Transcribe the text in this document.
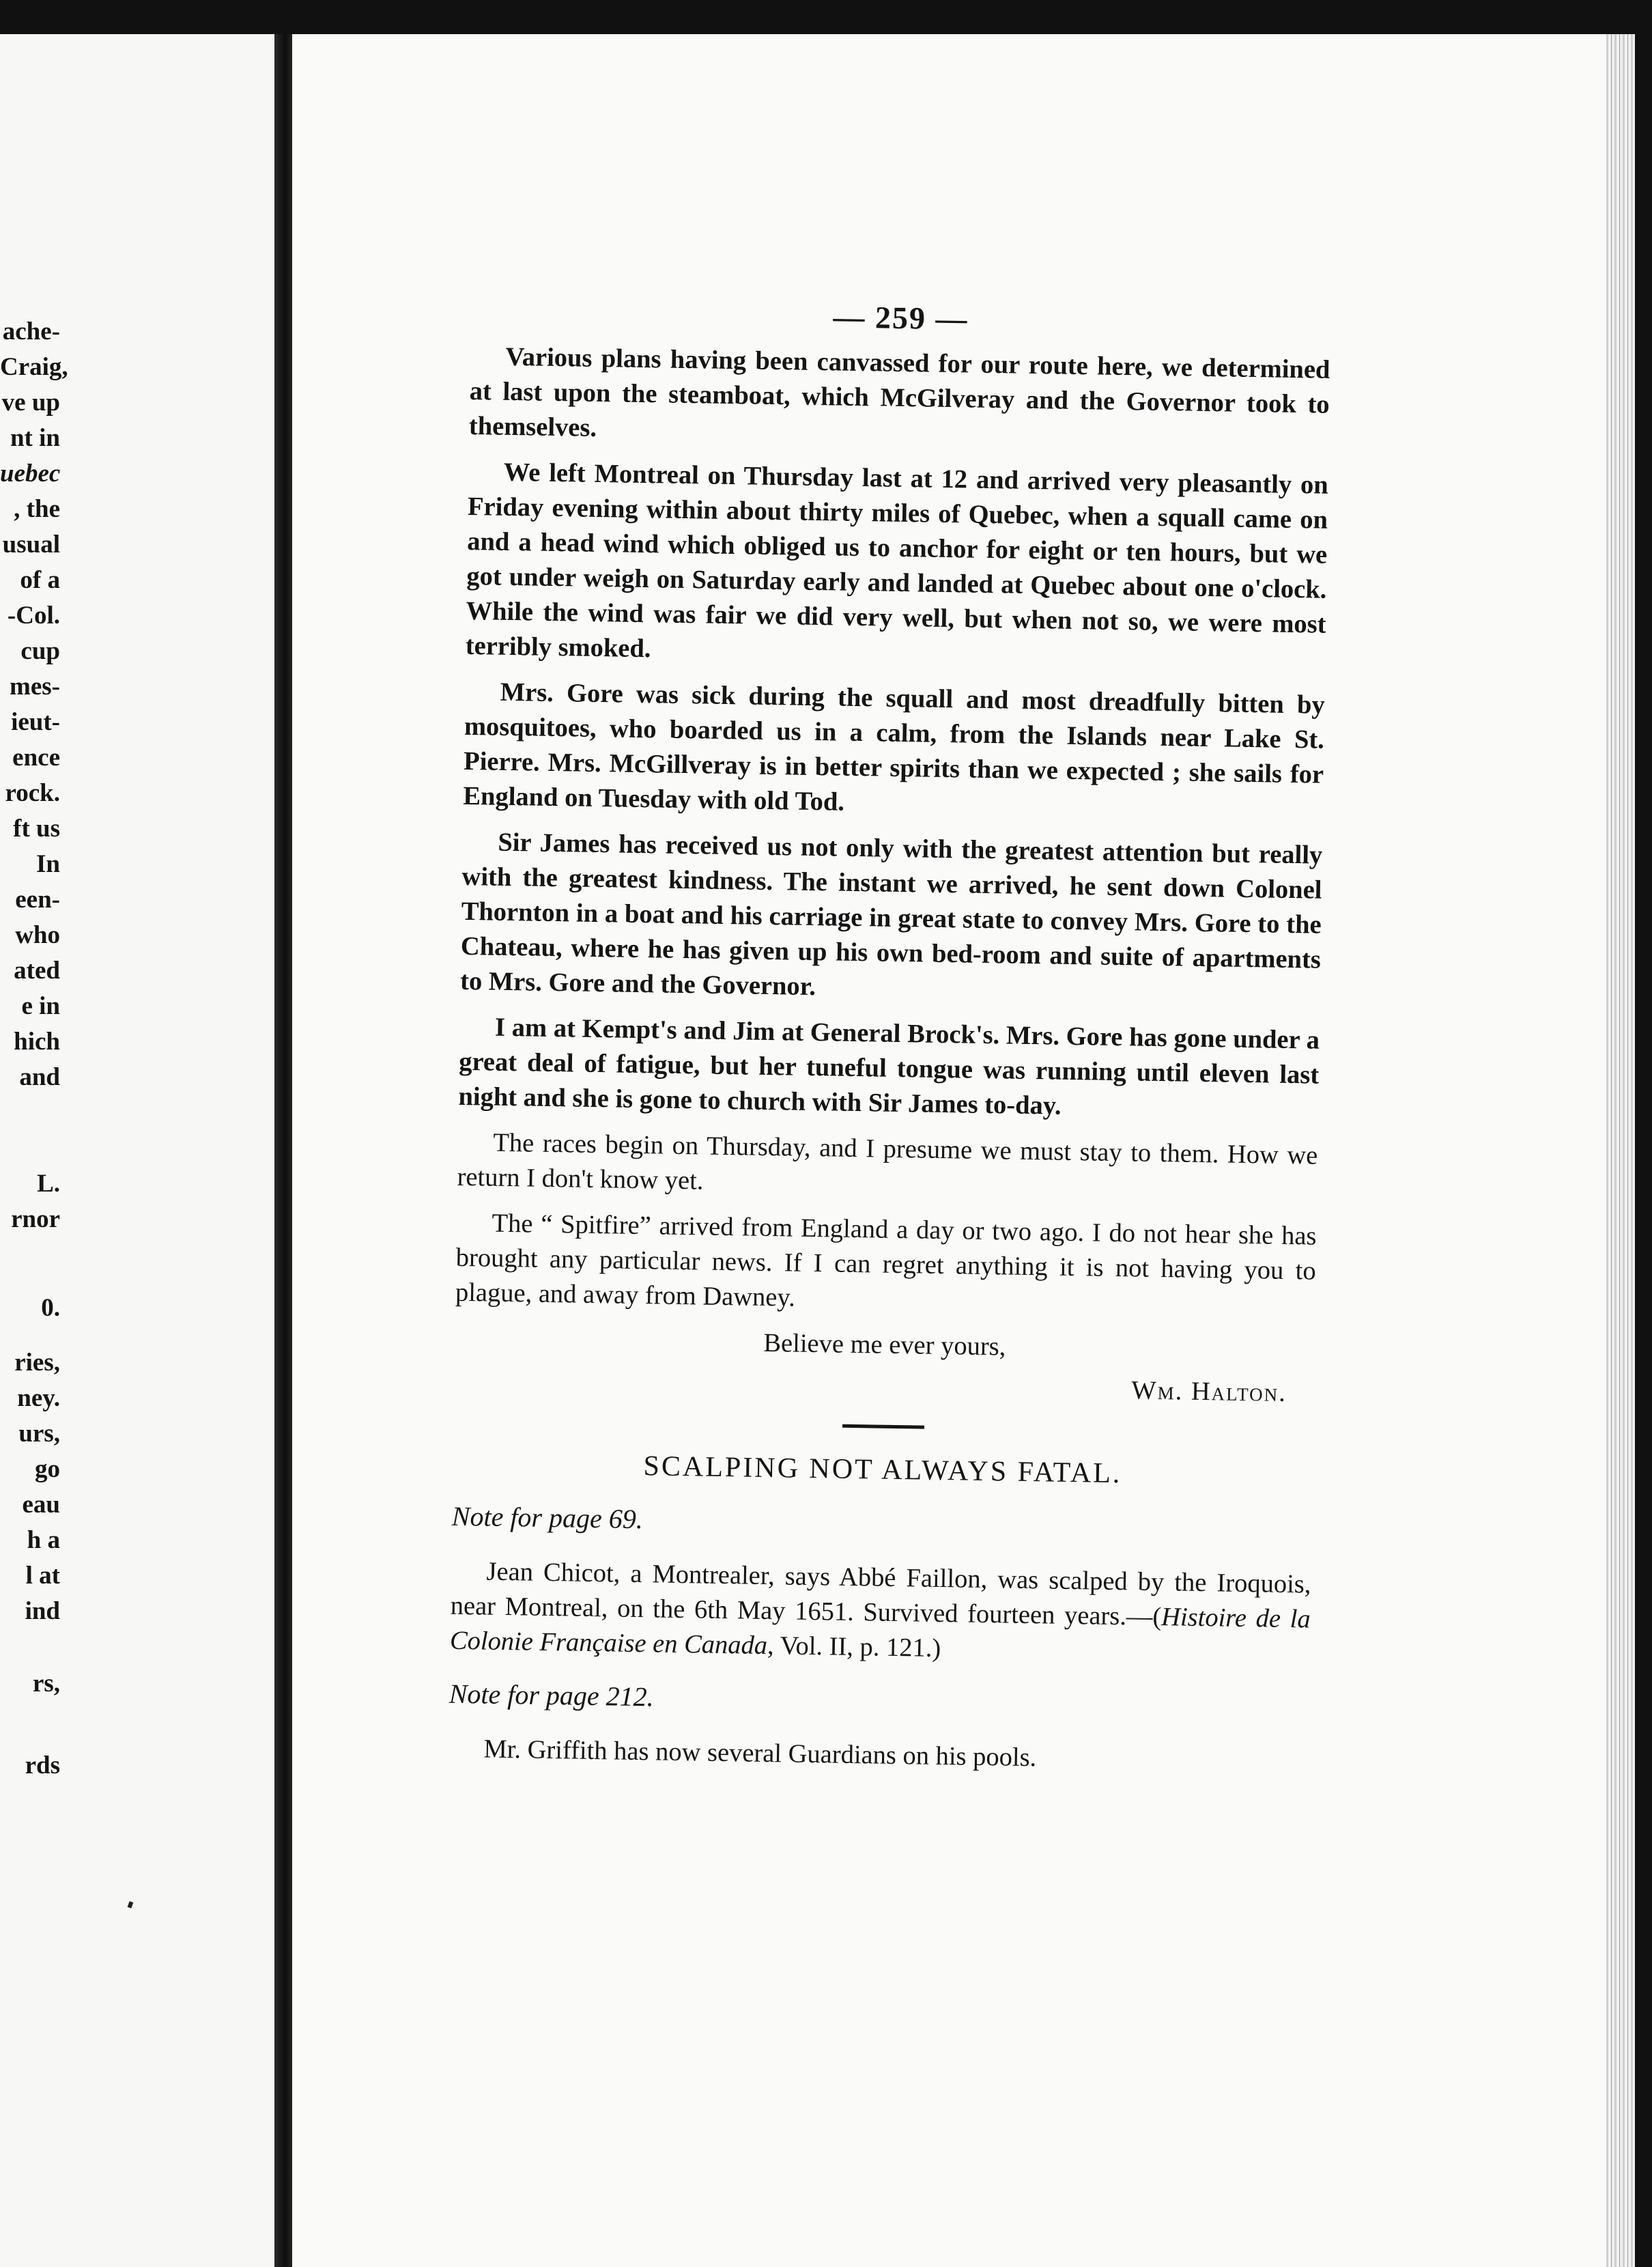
ache-
Craig,
ve up
nt in
uebec
, the
usual
of a
-Col.
cup
mes-
ieut-
ence
rock.
ft us
In
een-
who
ated
e in
hich
and
L.
rnor
0.
ries,
ney.
urs,
go
eau
h a
l at
ind
rs,
rds
— 259 —

Various plans having been canvassed for our route here, we determined at last upon the steamboat, which McGilveray and the Governor took to themselves.

We left Montreal on Thursday last at 12 and arrived very pleasantly on Friday evening within about thirty miles of Quebec, when a squall came on and a head wind which obliged us to anchor for eight or ten hours, but we got under weigh on Saturday early and landed at Quebec about one o'clock. While the wind was fair we did very well, but when not so, we were most terribly smoked.

Mrs. Gore was sick during the squall and most dreadfully bitten by mosquitoes, who boarded us in a calm, from the Islands near Lake St. Pierre. Mrs. McGillveray is in better spirits than we expected ; she sails for England on Tuesday with old Tod.

Sir James has received us not only with the greatest attention but really with the greatest kindness. The instant we arrived, he sent down Colonel Thornton in a boat and his carriage in great state to convey Mrs. Gore to the Chateau, where he has given up his own bed-room and suite of apartments to Mrs. Gore and the Governor.

I am at Kempt's and Jim at General Brock's. Mrs. Gore has gone under a great deal of fatigue, but her tuneful tongue was running until eleven last night and she is gone to church with Sir James to-day.

The races begin on Thursday, and I presume we must stay to them. How we return I don't know yet.

The “ Spitfire” arrived from England a day or two ago. I do not hear she has brought any particular news. If I can regret anything it is not having you to plague, and away from Dawney.

Believe me ever yours,
Wm. Halton.
SCALPING NOT ALWAYS FATAL.
Note for page 69.
Jean Chicot, a Montrealer, says Abbé Faillon, was scalped by the Iroquois, near Montreal, on the 6th May 1651. Survived fourteen years.—(Histoire de la Colonie Française en Canada, Vol. II, p. 121.)
Note for page 212.
Mr. Griffith has now several Guardians on his pools.
